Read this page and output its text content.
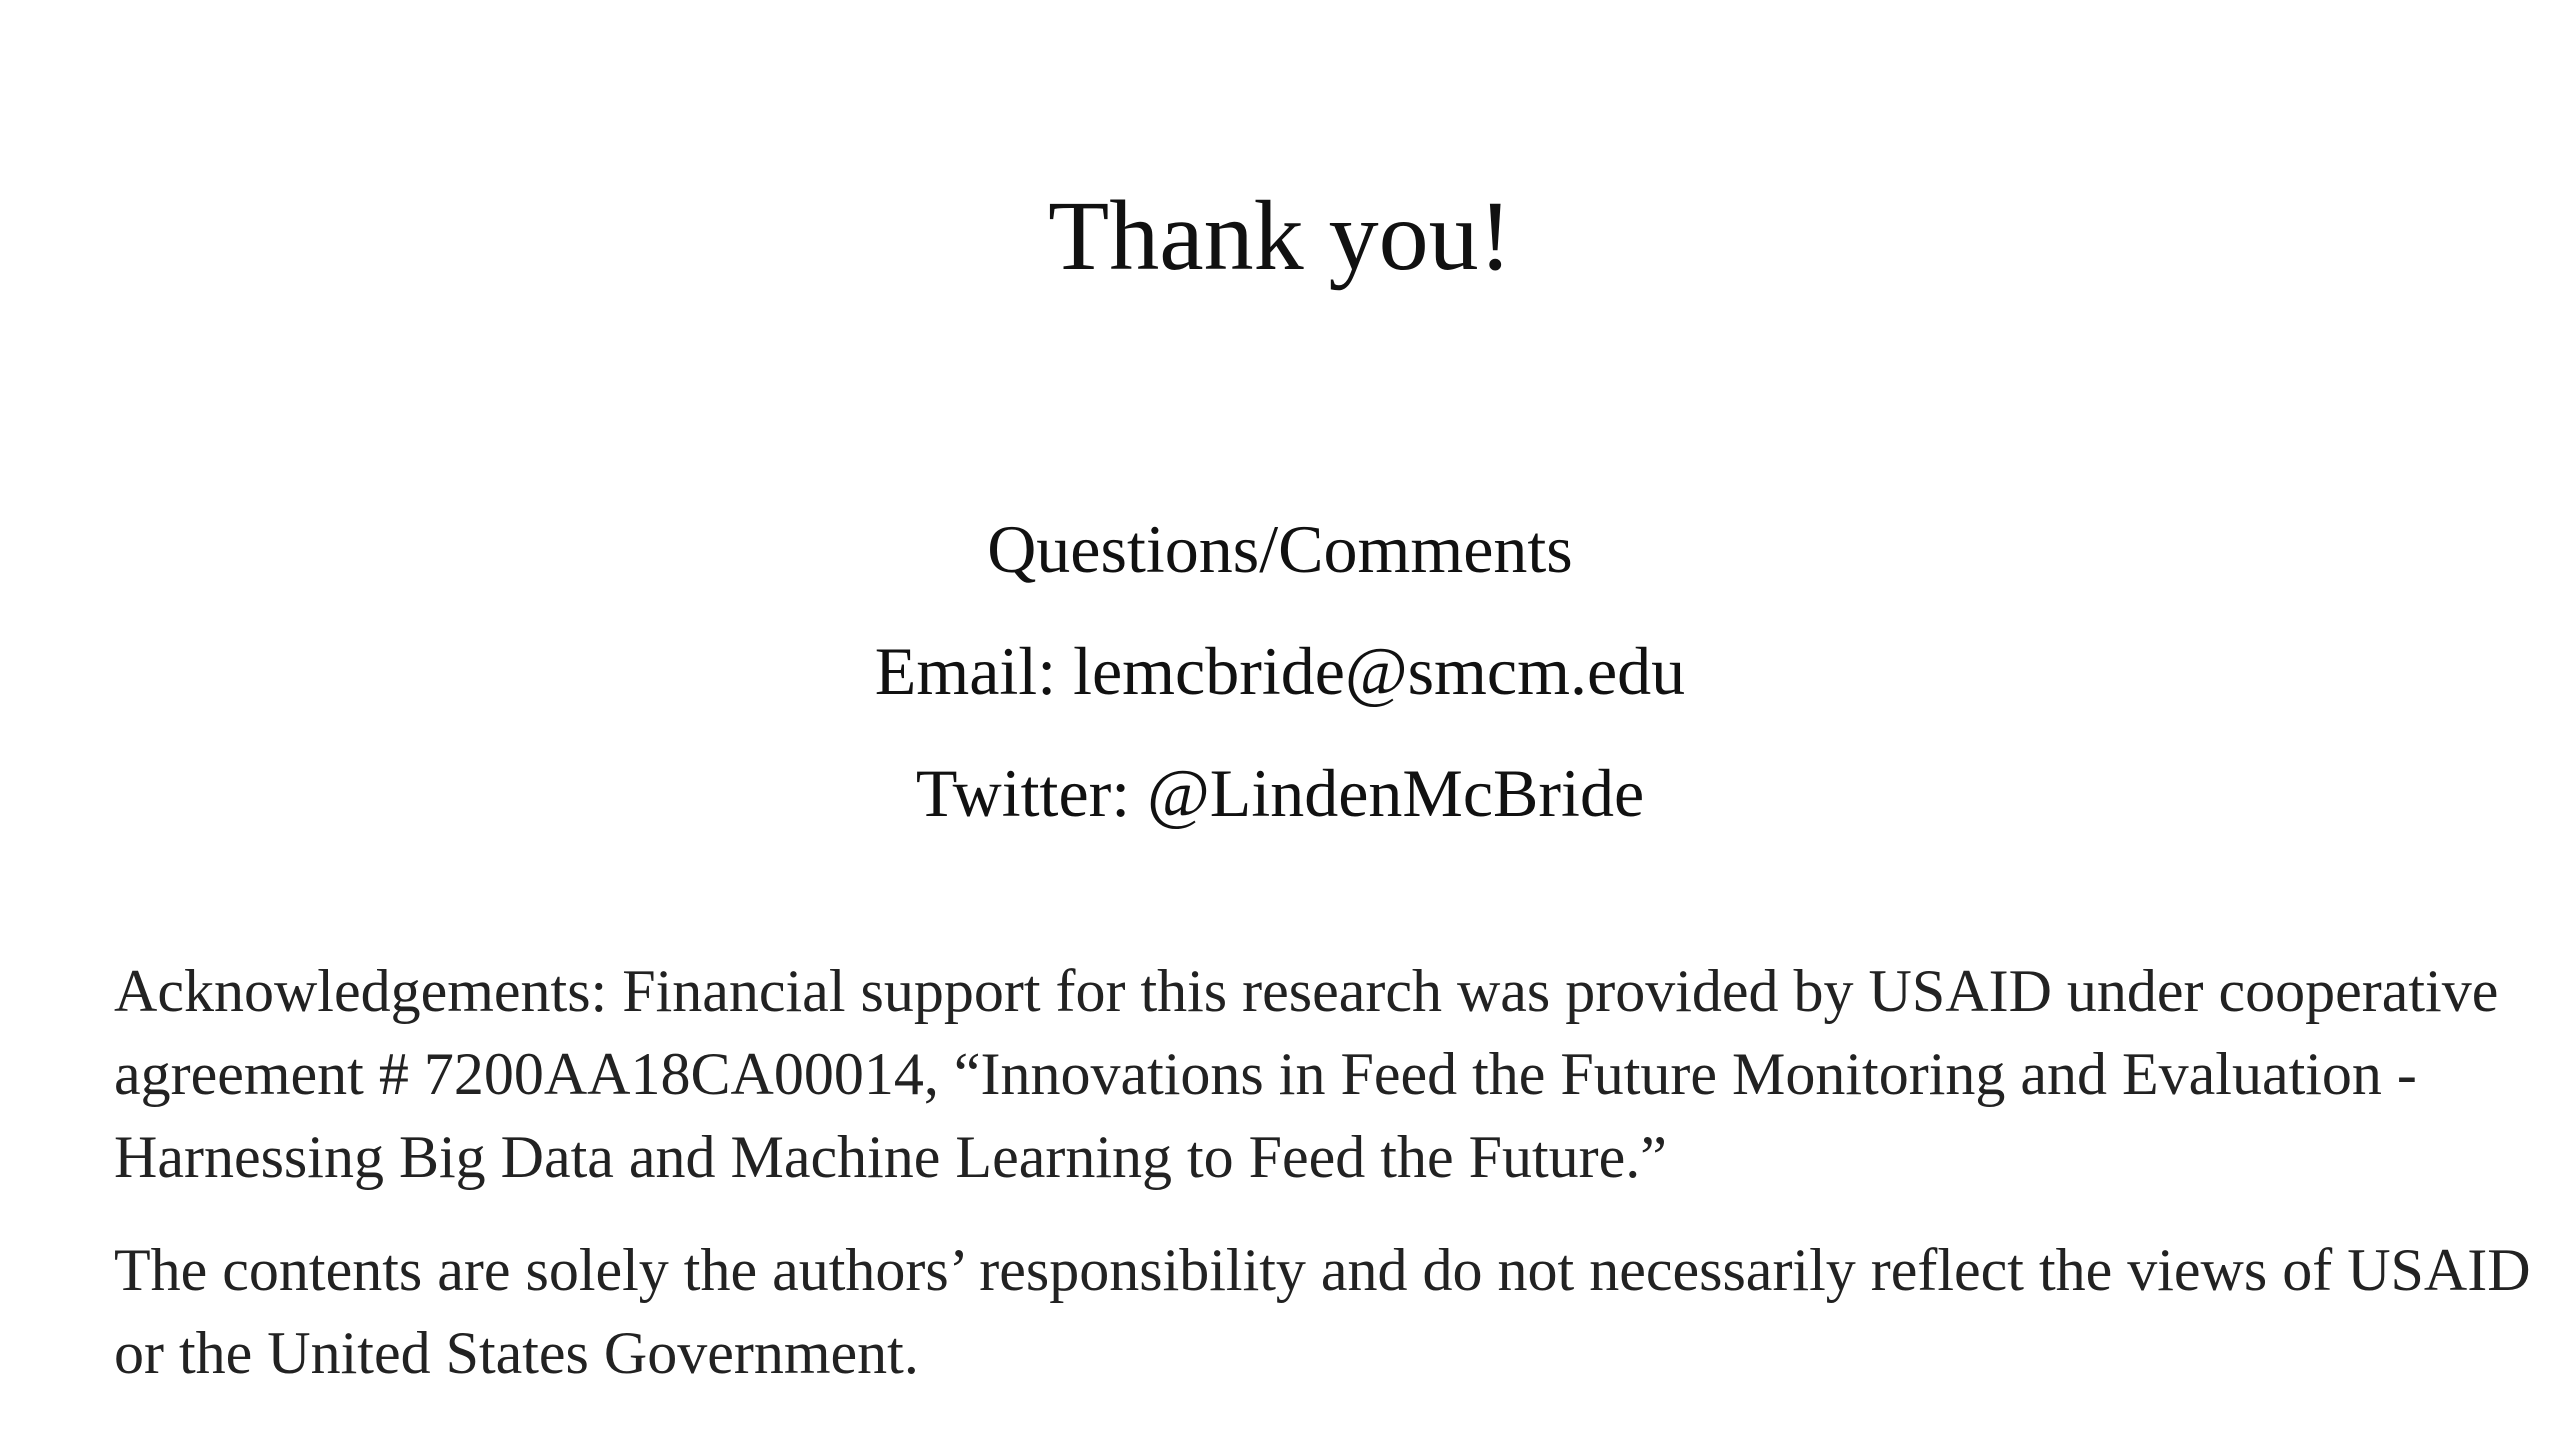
Thank you!
Questions/Comments
Email: lemcbride@smcm.edu
Twitter: @LindenMcBride

Acknowledgements: Financial support for this research was provided by USAID under cooperative agreement # 7200AA18CA00014, “Innovations in Feed the Future Monitoring and Evaluation - Harnessing Big Data and Machine Learning to Feed the Future.”

The contents are solely the authors’ responsibility and do not necessarily reflect the views of USAID or the United States Government.
